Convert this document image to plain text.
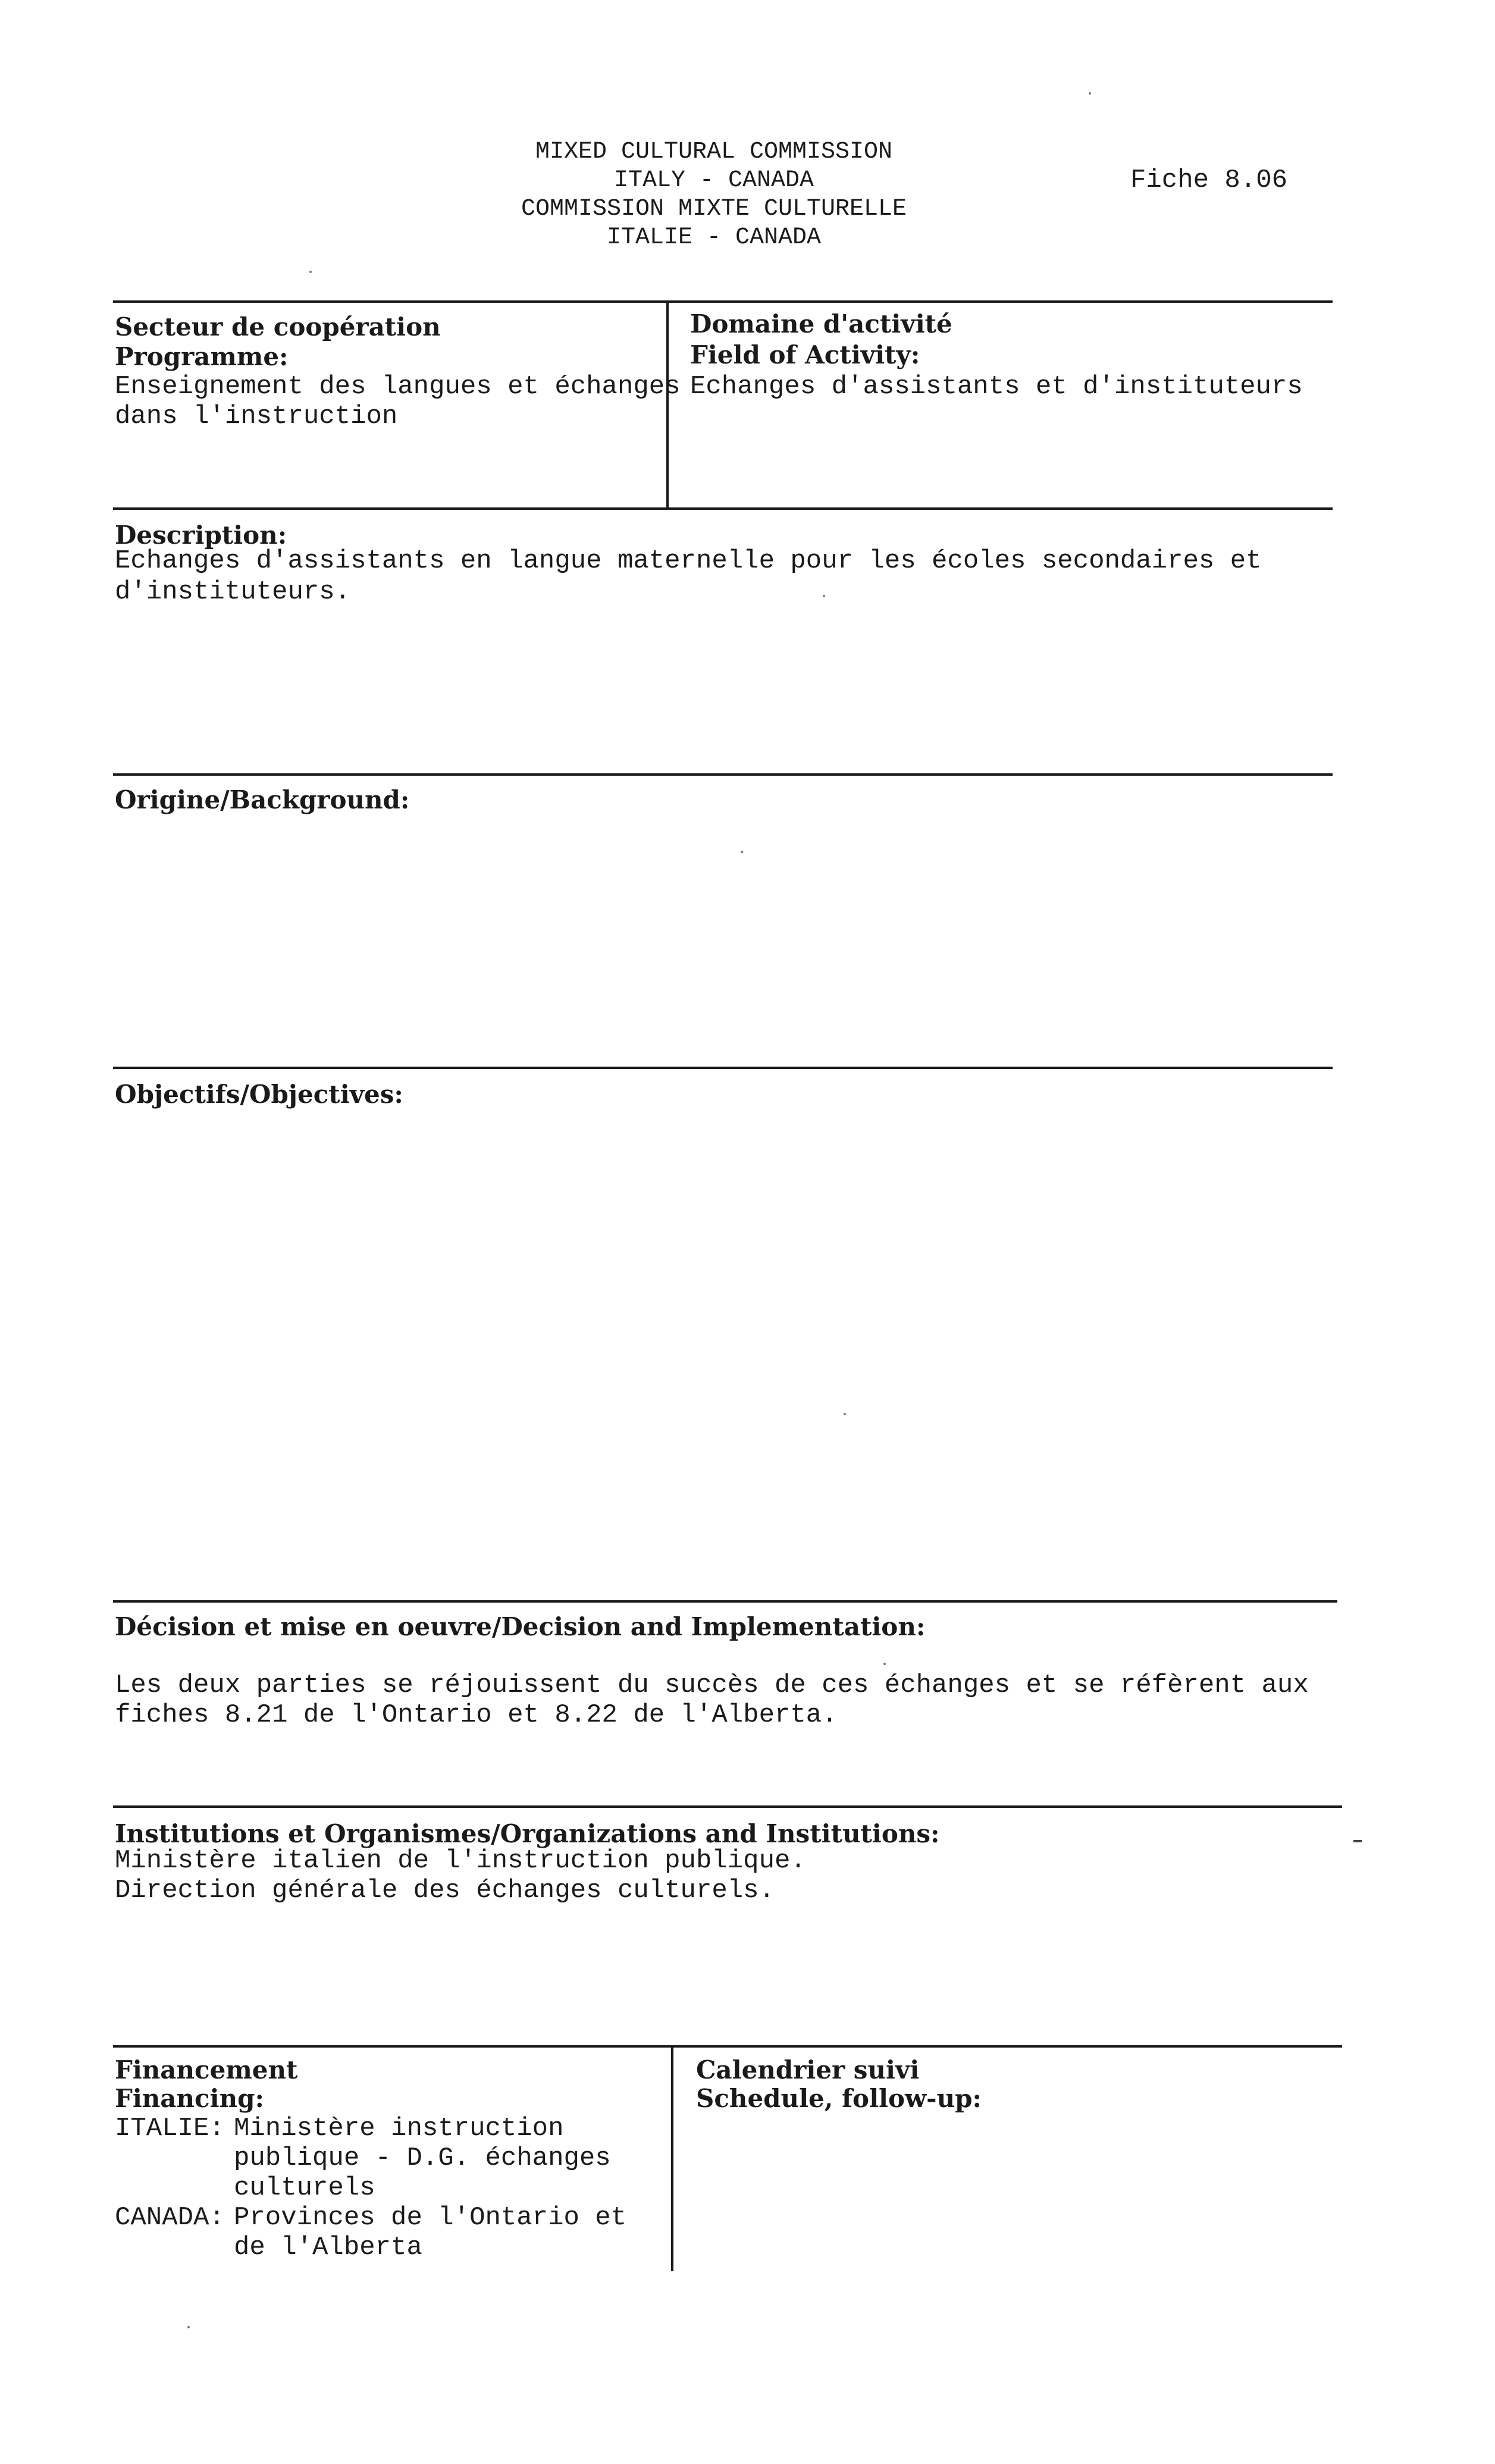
MIXED CULTURAL COMMISSION
ITALY - CANADA
COMMISSION MIXTE CULTURELLE
ITALIE - CANADA
Fiche 8.06
Secteur de coopération
Programme:
Enseignement des langues et échanges
dans l'instruction
Domaine d'activité
Field of Activity:
Echanges d'assistants et d'instituteurs
Description:
Echanges d'assistants en langue maternelle pour les écoles secondaires et
d'instituteurs.
Origine/Background:
Objectifs/Objectives:
Décision et mise en oeuvre/Decision and Implementation:
Les deux parties se réjouissent du succès de ces échanges et se réfèrent aux
fiches 8.21 de l'Ontario et 8.22 de l'Alberta.
Institutions et Organismes/Organizations and Institutions:
Ministère italien de l'instruction publique.
Direction générale des échanges culturels.
Financement
Financing:
ITALIE: Ministère instruction
publique - D.G. échanges
culturels
CANADA: Provinces de l'Ontario et
de l'Alberta
Calendrier suivi
Schedule, follow-up:
